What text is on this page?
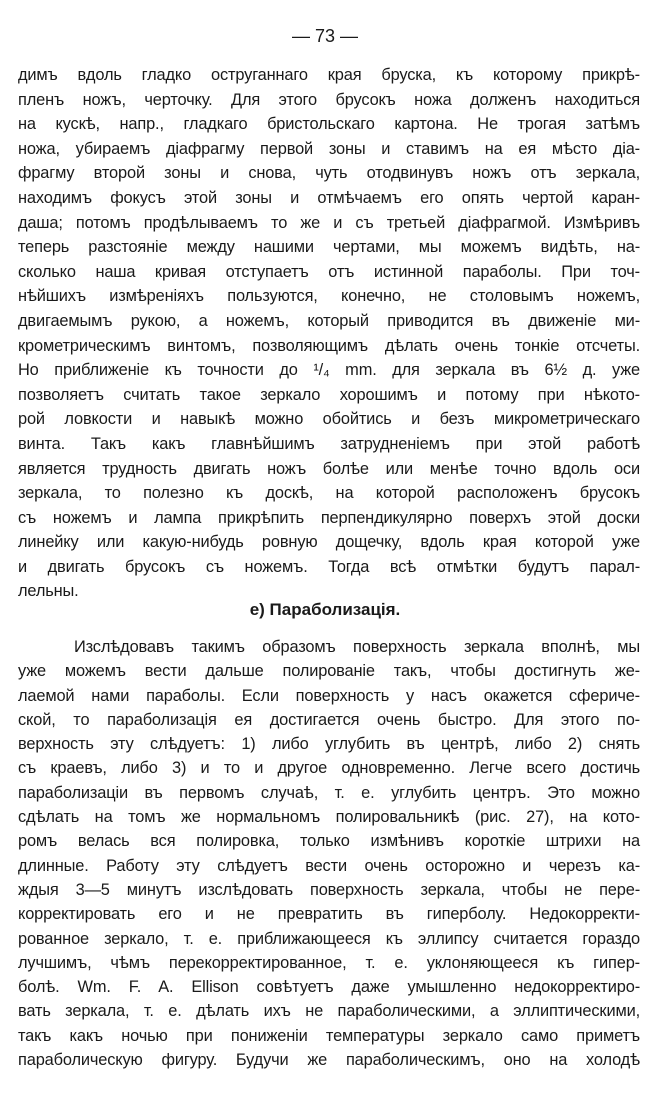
— 73 —
димъ вдоль гладко оструганнаго края бруска, къ которому прикрѣ-
пленъ ножъ, черточку. Для этого брусокъ ножа долженъ находиться
на кускѣ, напр., гладкаго бристольскаго картона. Не трогая затѣмъ
ножа, убираемъ діафрагму первой зоны и ставимъ на ея мѣсто діа-
фрагму второй зоны и снова, чуть отодвинувъ ножъ отъ зеркала,
находимъ фокусъ этой зоны и отмѣчаемъ его опять чертой каран-
даша; потомъ продѣлываемъ то же и съ третьей діафрагмой. Измѣривъ
теперь разстояніе между нашими чертами, мы можемъ видѣть, на-
сколько наша кривая отступаетъ отъ истинной параболы. При точ-
нѣйшихъ измѣреніяхъ пользуются, конечно, не столовымъ ножемъ,
двигаемымъ рукою, а ножемъ, который приводится въ движеніе ми-
крометрическимъ винтомъ, позволяющимъ дѣлать очень тонкіе отсчеты.
Но приближеніе къ точности до ¹/₄ mm. для зеркала въ 6½ д. уже
позволяетъ считать такое зеркало хорошимъ и потому при нѣкото-
рой ловкости и навыкѣ можно обойтись и безъ микрометрическаго
винта. Такъ какъ главнѣйшимъ затрудненіемъ при этой работѣ
является трудность двигать ножъ болѣе или менѣе точно вдоль оси
зеркала, то полезно къ доскѣ, на которой расположенъ брусокъ
съ ножемъ и лампа прикрѣпить перпендикулярно поверхъ этой доски
линейку или какую-нибудь ровную дощечку, вдоль края которой уже
и двигать брусокъ съ ножемъ. Тогда всѣ отмѣтки будутъ парал-
лельны.
e) Параболизація.
Изслѣдовавъ такимъ образомъ поверхность зеркала вполнѣ, мы
уже можемъ вести дальше полированіе такъ, чтобы достигнуть же-
лаемой нами параболы. Если поверхность у насъ окажется сфериче-
ской, то параболизація ея достигается очень быстро. Для этого по-
верхность эту слѣдуетъ: 1) либо углубить въ центрѣ, либо 2) снять
съ краевъ, либо 3) и то и другое одновременно. Легче всего достичь
параболизаціи въ первомъ случаѣ, т. е. углубить центръ. Это можно
сдѣлать на томъ же нормальномъ полировальникѣ (рис. 27), на кото-
ромъ велась вся полировка, только измѣнивъ короткіе штрихи на
длинные. Работу эту слѣдуетъ вести очень осторожно и черезъ ка-
ждыя 3—5 минутъ изслѣдовать поверхность зеркала, чтобы не пере-
корректировать его и не превратить въ гиперболу. Недокорректи-
рованное зеркало, т. е. приближающееся къ эллипсу считается гораздо
лучшимъ, чѣмъ перекорректированное, т. е. уклоняющееся къ гипер-
болѣ. Wm. F. A. Ellison совѣтуетъ даже умышленно недокорректиро-
вать зеркала, т. е. дѣлать ихъ не параболическими, а эллиптическими,
такъ какъ ночью при пониженіи температуры зеркало само приметъ
параболическую фигуру. Будучи же параболическимъ, оно на холодѣ
